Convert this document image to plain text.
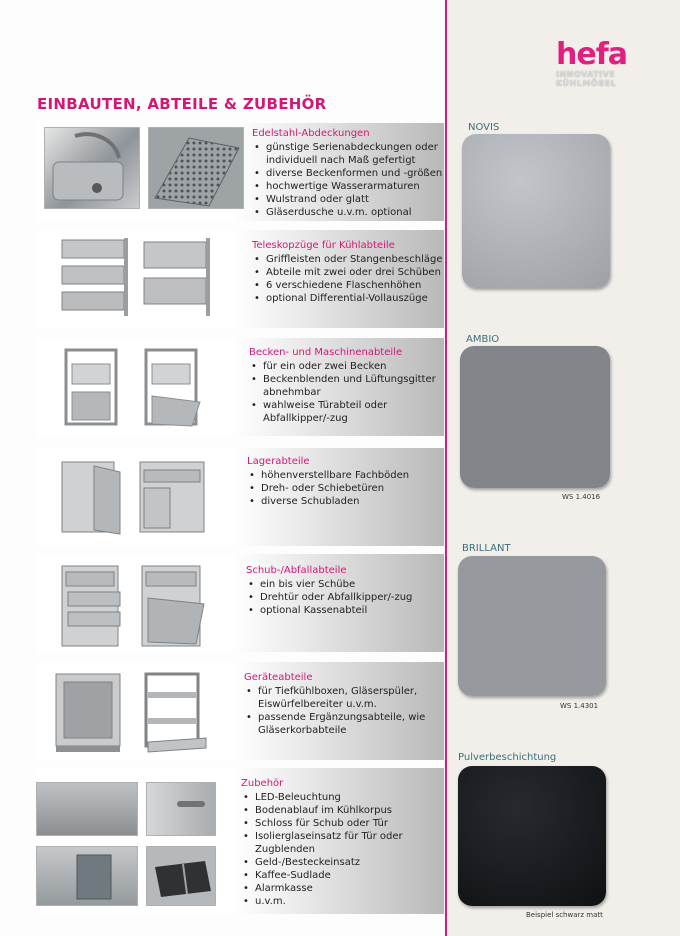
hefa
INNOVATIVE
KÜHLMÖBEL
EINBAUTEN, ABTEILE & ZUBEHÖR
Edelstahl-Abdeckungen
• günstige Serienabdeckungen oder
individuell nach Maß gefertigt
• diverse Beckenformen und -größen
• hochwertige Wasserarmaturen
• Wulstrand oder glatt
• Gläserdusche u.v.m. optional
Teleskopzüge für Kühlabteile
• Griffleisten oder Stangenbeschläge
• Abteile mit zwei oder drei Schüben
• 6 verschiedene Flaschenhöhen
• optional Differential-Vollauszüge
Becken- und Maschinenabteile
• für ein oder zwei Becken
• Beckenblenden und Lüftungsgitter
abnehmbar
• wahlweise Türabteil oder
Abfallkipper/-zug
Lagerabteile
• höhenverstellbare Fachböden
• Dreh- oder Schiebetüren
• diverse Schubladen
Schub-/Abfallabteile
• ein bis vier Schübe
• Drehtür oder Abfallkipper/-zug
• optional Kassenabteil
Geräteabteile
• für Tiefkühlboxen, Gläserspüler,
Eiswürfelbereiter u.v.m.
• passende Ergänzungsabteile, wie
Gläserkorbabteile
Zubehör
• LED-Beleuchtung
• Bodenablauf im Kühlkorpus
• Schloss für Schub oder Tür
• Isolierglaseinsatz für Tür oder
Zugblenden
• Geld-/Besteckeinsatz
• Kaffee-Sudlade
• Alarmkasse
• u.v.m.
NOVIS
AMBIO
WS 1.4016
BRILLANT
WS 1.4301
Pulverbeschichtung
Beispiel schwarz matt
